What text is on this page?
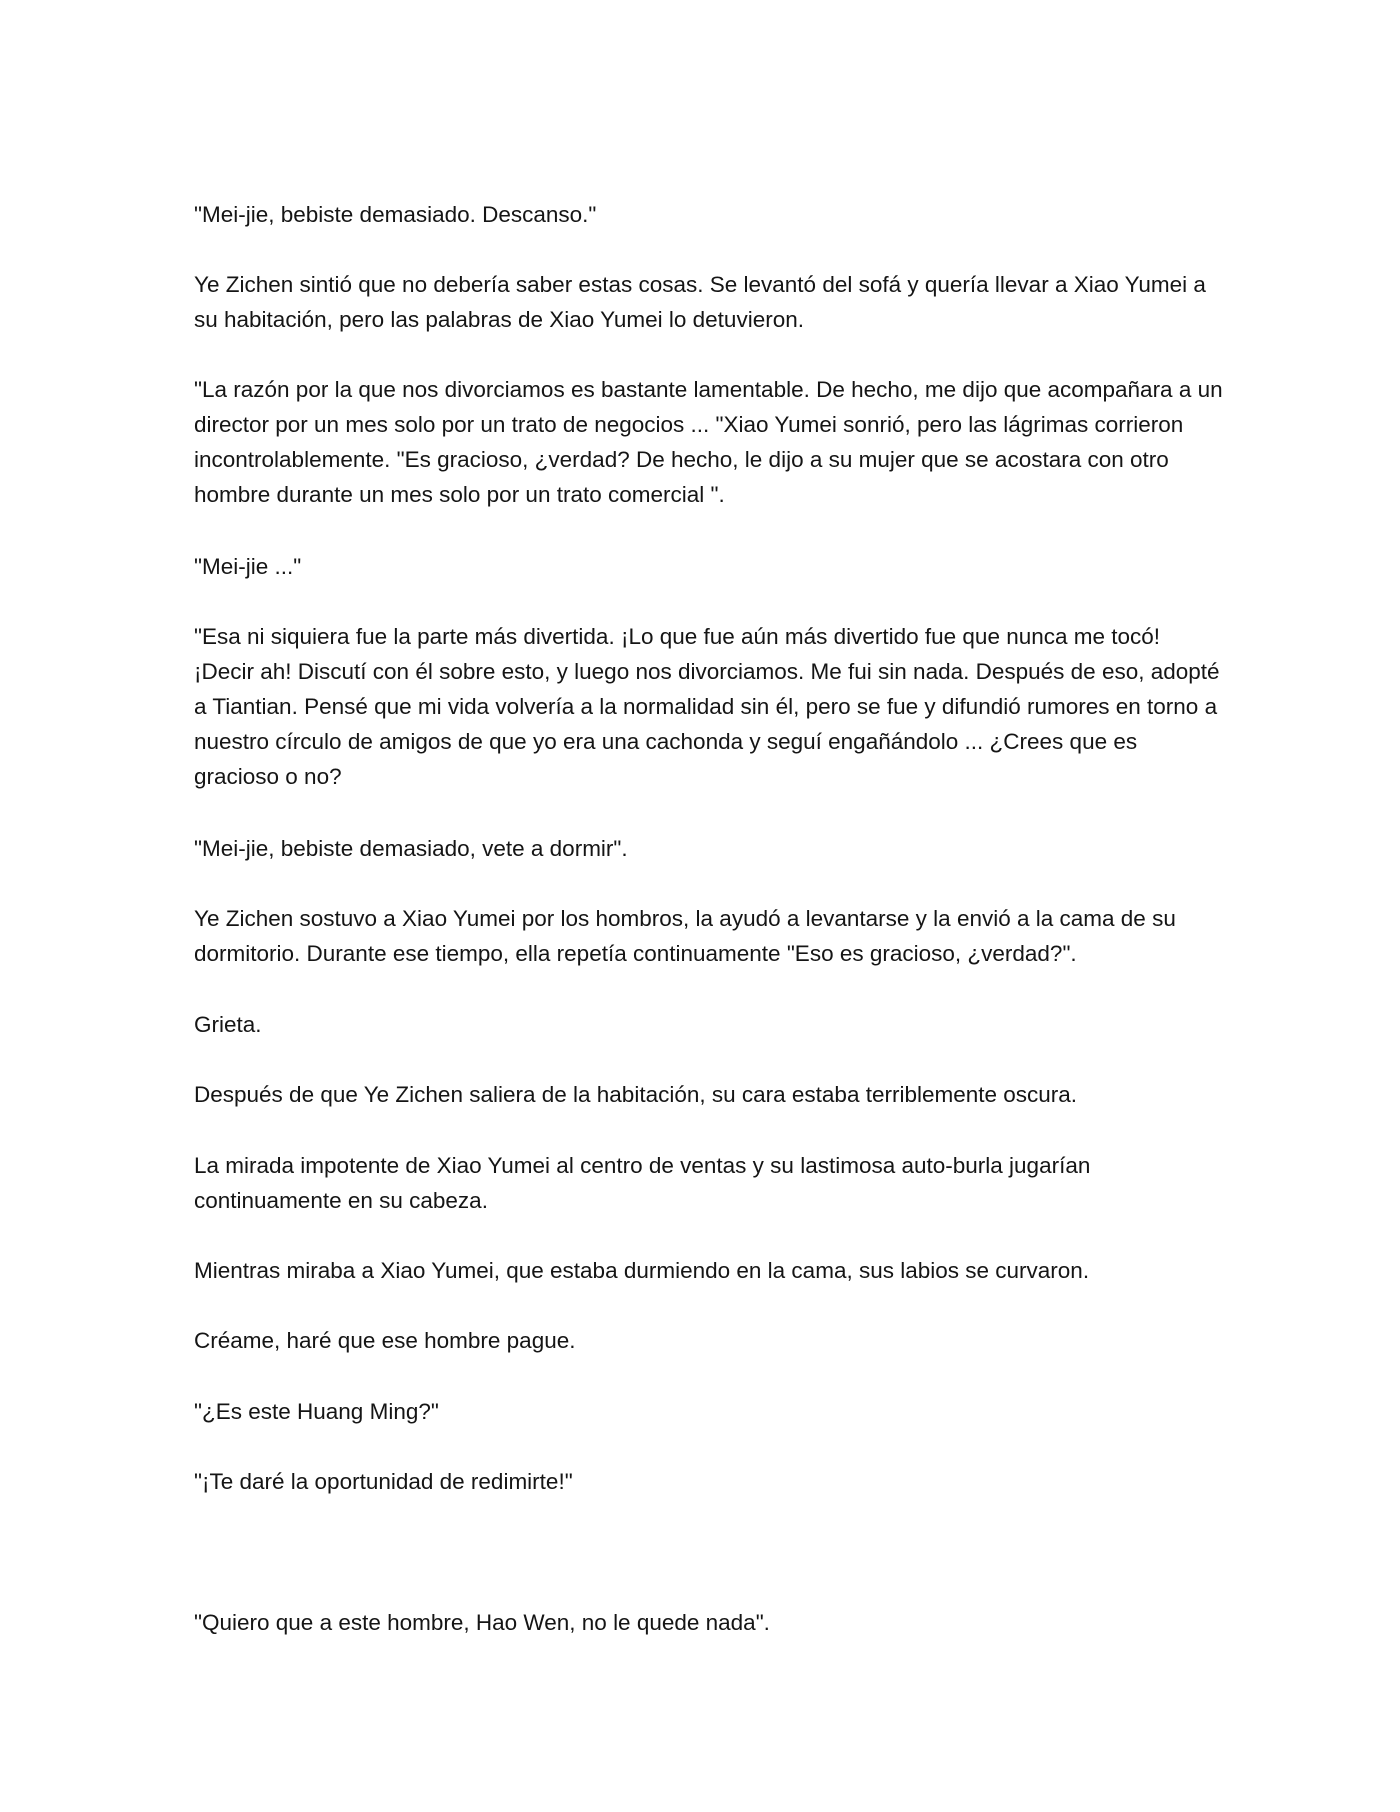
"Mei-jie, bebiste demasiado. Descanso."

Ye Zichen sintió que no debería saber estas cosas. Se levantó del sofá y quería llevar a Xiao Yumei a su habitación, pero las palabras de Xiao Yumei lo detuvieron.

"La razón por la que nos divorciamos es bastante lamentable. De hecho, me dijo que acompañara a un director por un mes solo por un trato de negocios ... "Xiao Yumei sonrió, pero las lágrimas corrieron incontrolablemente. "Es gracioso, ¿verdad? De hecho, le dijo a su mujer que se acostara con otro hombre durante un mes solo por un trato comercial ".

"Mei-jie ..."

"Esa ni siquiera fue la parte más divertida. ¡Lo que fue aún más divertido fue que nunca me tocó! ¡Decir ah! Discutí con él sobre esto, y luego nos divorciamos. Me fui sin nada. Después de eso, adopté a Tiantian. Pensé que mi vida volvería a la normalidad sin él, pero se fue y difundió rumores en torno a nuestro círculo de amigos de que yo era una cachonda y seguí engañándolo ... ¿Crees que es gracioso o no?

"Mei-jie, bebiste demasiado, vete a dormir".

Ye Zichen sostuvo a Xiao Yumei por los hombros, la ayudó a levantarse y la envió a la cama de su dormitorio. Durante ese tiempo, ella repetía continuamente "Eso es gracioso, ¿verdad?".

Grieta.

Después de que Ye Zichen saliera de la habitación, su cara estaba terriblemente oscura.

La mirada impotente de Xiao Yumei al centro de ventas y su lastimosa auto-burla jugarían continuamente en su cabeza.

Mientras miraba a Xiao Yumei, que estaba durmiendo en la cama, sus labios se curvaron.

Créame, haré que ese hombre pague.

"¿Es este Huang Ming?"

"¡Te daré la oportunidad de redimirte!"

"Quiero que a este hombre, Hao Wen, no le quede nada".
